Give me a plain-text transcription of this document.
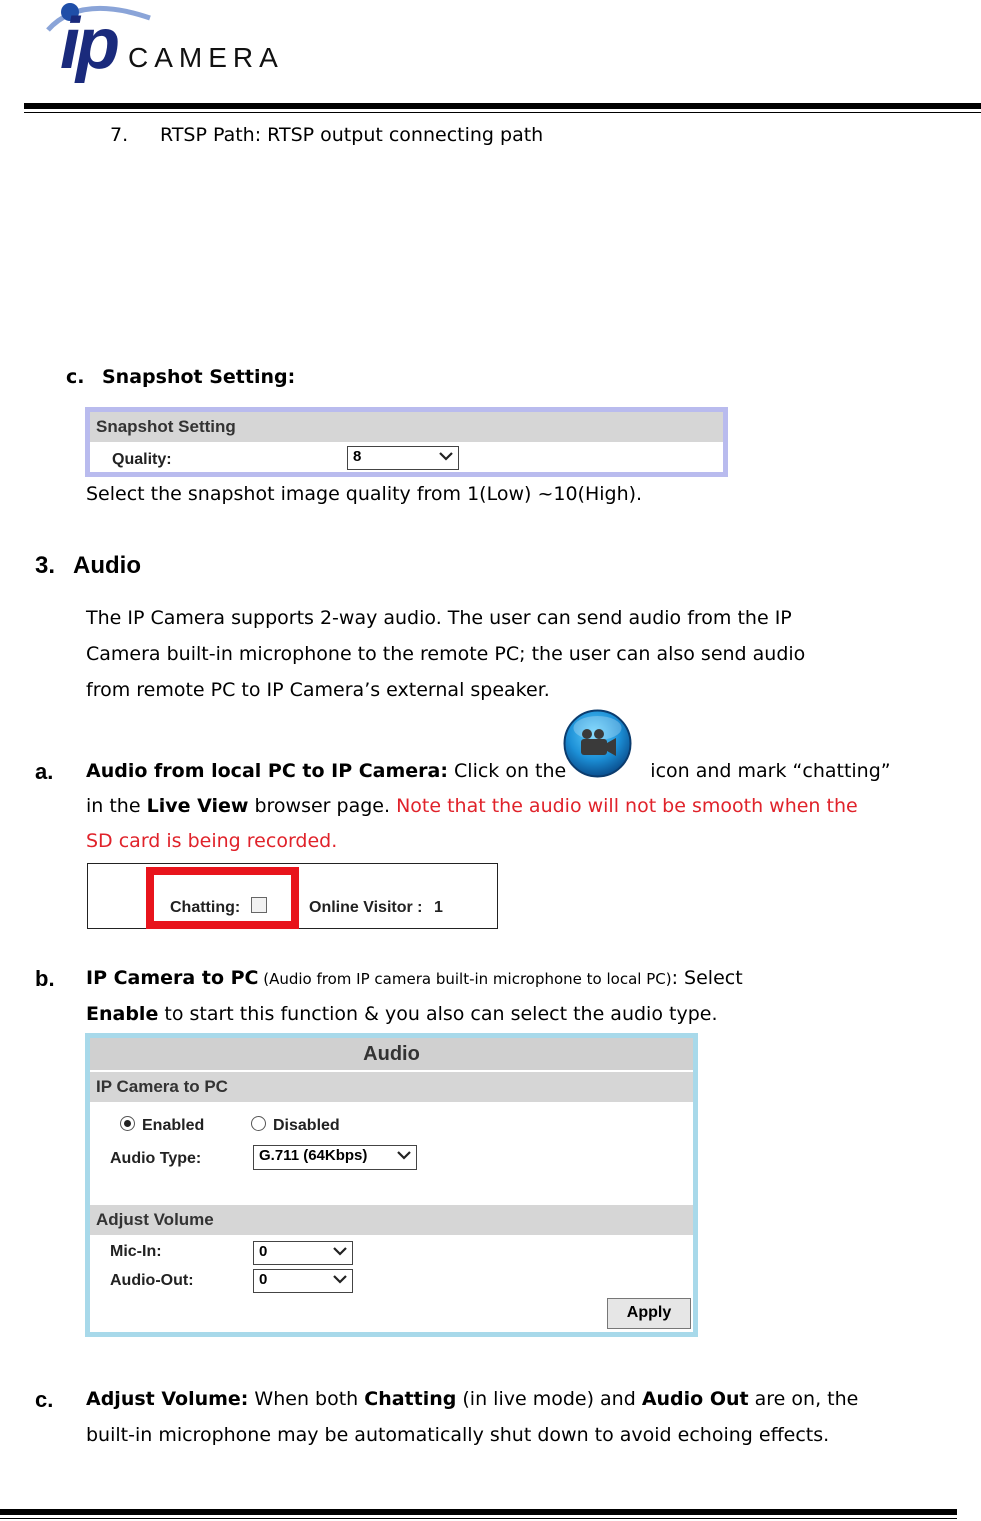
ip CAMERA
7. RTSP Path: RTSP output connecting path
c. Snapshot Setting:
Snapshot Setting
Quality:	8
Select the snapshot image quality from 1(Low) ~10(High).
3. Audio
The IP Camera supports 2-way audio. The user can send audio from the IP
Camera built-in microphone to the remote PC; the user can also send audio
from remote PC to IP Camera’s external speaker.
a. Audio from local PC to IP Camera: Click on the	icon and mark “chatting”
in the Live View browser page. Note that the audio will not be smooth when the
SD card is being recorded.
Chatting:	Online Visitor : 1
b. IP Camera to PC (Audio from IP camera built-in microphone to local PC): Select
Enable to start this function & you also can select the audio type.
Audio
IP Camera to PC
Enabled	Disabled
Audio Type:	G.711 (64Kbps)
Adjust Volume
Mic-In:	0
Audio-Out:	0
Apply
c. Adjust Volume: When both Chatting (in live mode) and Audio Out are on, the
built-in microphone may be automatically shut down to avoid echoing effects.
